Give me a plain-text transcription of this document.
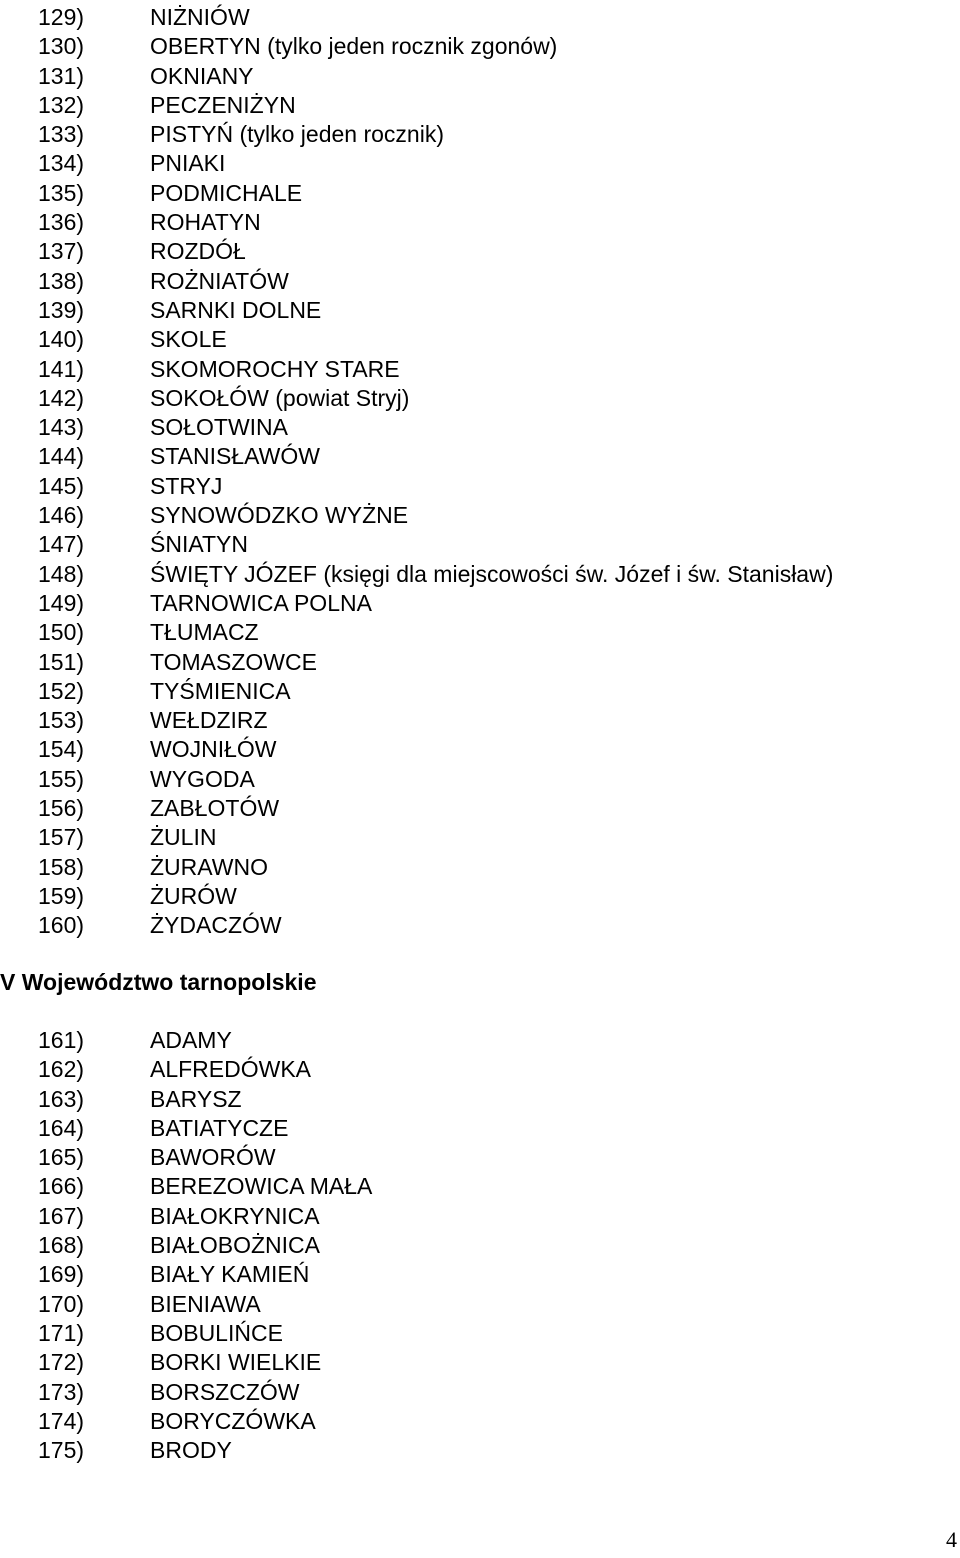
129)	NIŻNIÓW
130)	OBERTYN (tylko jeden rocznik zgonów)
131)	OKNIANY
132)	PECZENIŻYN
133)	PISTYŃ (tylko jeden rocznik)
134)	PNIAKI
135)	PODMICHALE
136)	ROHATYN
137)	ROZDÓŁ
138)	ROŻNIATÓW
139)	SARNKI DOLNE
140)	SKOLE
141)	SKOMOROCHY STARE
142)	SOKOŁÓW (powiat Stryj)
143)	SOŁOTWINA
144)	STANISŁAWÓW
145)	STRYJ
146)	SYNOWÓDZKO WYŻNE
147)	ŚNIATYN
148)	ŚWIĘTY JÓZEF (księgi dla miejscowości św. Józef i św. Stanisław)
149)	TARNOWICA POLNA
150)	TŁUMACZ
151)	TOMASZOWCE
152)	TYŚMIENICA
153)	WEŁDZIRZ
154)	WOJNIŁÓW
155)	WYGODA
156)	ZABŁOTÓW
157)	ŻULIN
158)	ŻURAWNO
159)	ŻURÓW
160)	ŻYDACZÓW
V Województwo tarnopolskie
161)	ADAMY
162)	ALFREDÓWKA
163)	BARYSZ
164)	BATIATYCZE
165)	BAWORÓW
166)	BEREZOWICA MAŁA
167)	BIAŁOKRYNICA
168)	BIAŁOBOŻNICA
169)	BIAŁY KAMIEŃ
170)	BIENIAWA
171)	BOBULIŃCE
172)	BORKI WIELKIE
173)	BORSZCZÓW
174)	BORYCZÓWKA
175)	BRODY
4
